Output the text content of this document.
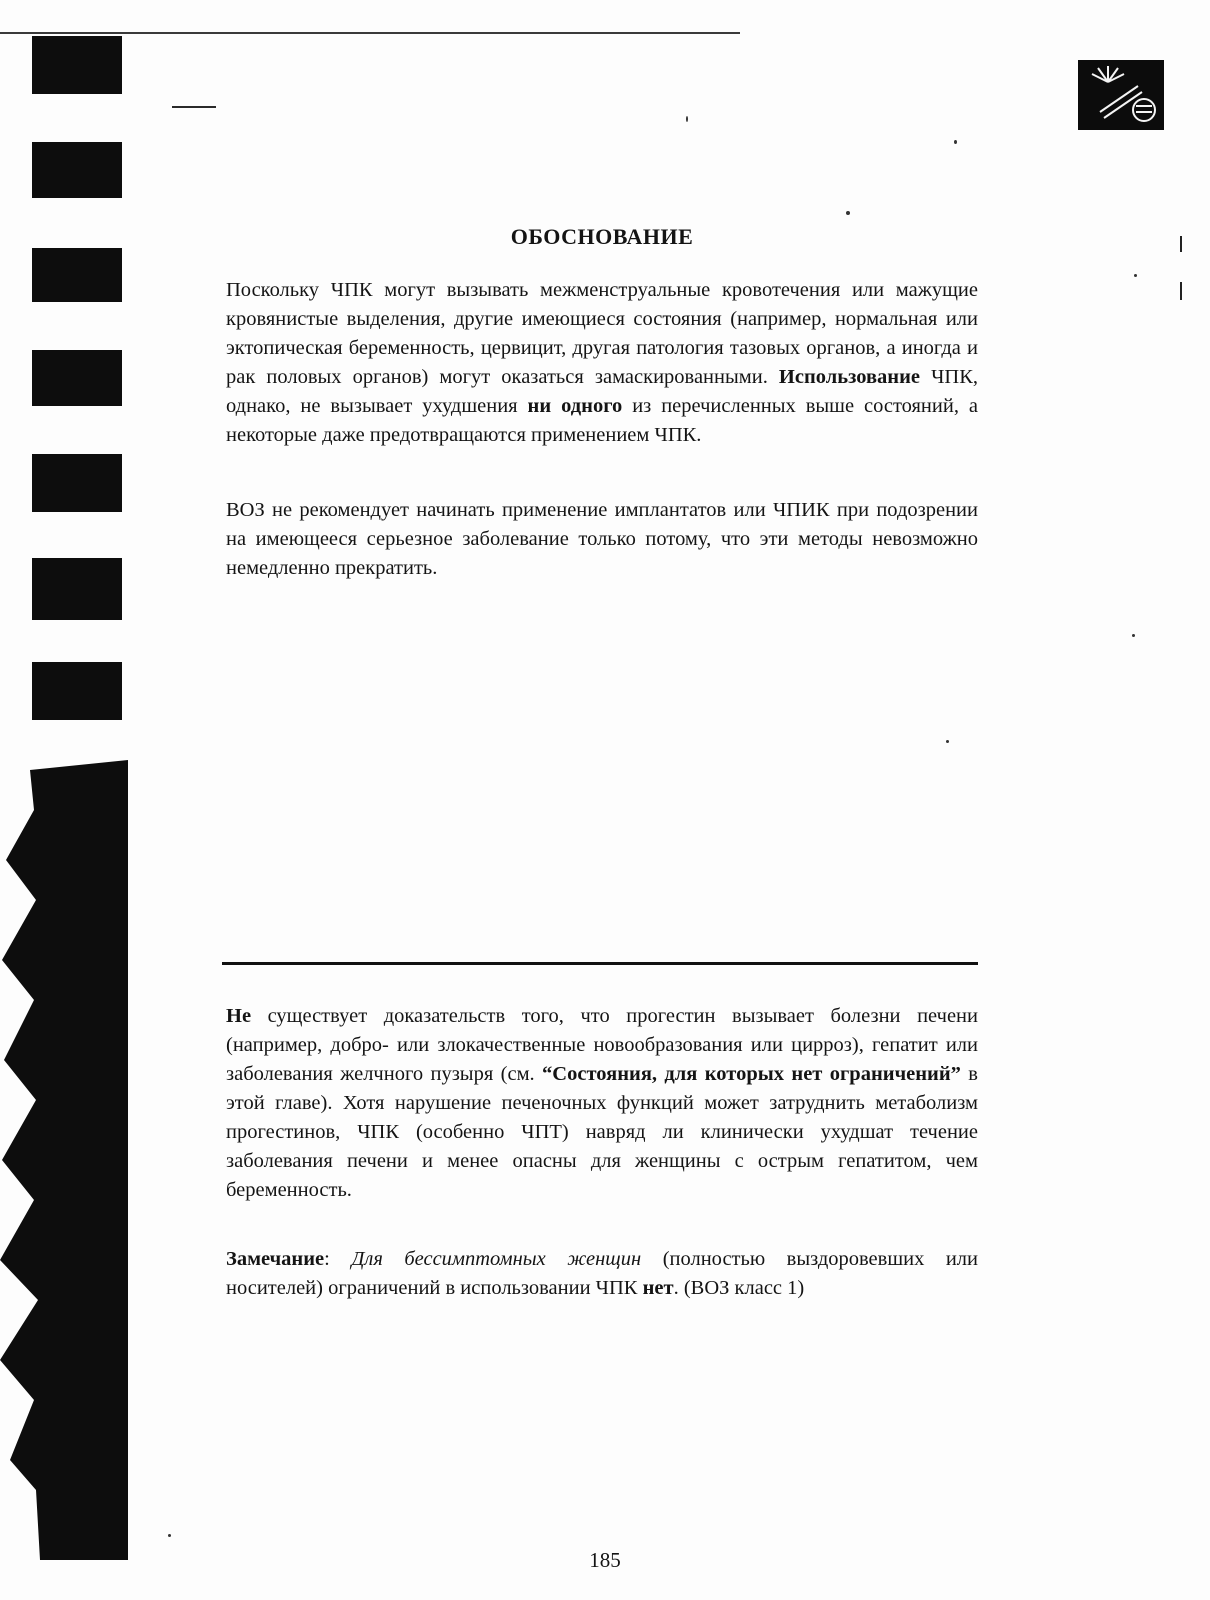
ОБОСНОВАНИЕ

Поскольку ЧПК могут вызывать межменструальные кровотечения или мажущие кровянистые выделения, другие имеющиеся состояния (например, нормальная или эктопическая беременность, цервицит, другая патология тазовых органов, а иногда и рак половых органов) могут оказаться замаскированными. Использование ЧПК, однако, не вызывает ухудшения ни одного из перечисленных выше состояний, а некоторые даже предотвращаются применением ЧПК.

ВОЗ не рекомендует начинать применение имплантатов или ЧПИК при подозрении на имеющееся серьезное заболевание только потому, что эти методы невозможно немедленно прекратить.

Не существует доказательств того, что прогестин вызывает болезни печени (например, добро- или злокачественные новообразования или цирроз), гепатит или заболевания желчного пузыря (см. “Состояния, для которых нет ограничений” в этой главе). Хотя нарушение печеночных функций может затруднить метаболизм прогестинов, ЧПК (особенно ЧПТ) навряд ли клинически ухудшат течение заболевания печени и менее опасны для женщины с острым гепатитом, чем беременность.

Замечание: Для бессимптомных женщин (полностью выздоровевших или носителей) ограничений в использовании ЧПК нет. (ВОЗ класс 1)

185
